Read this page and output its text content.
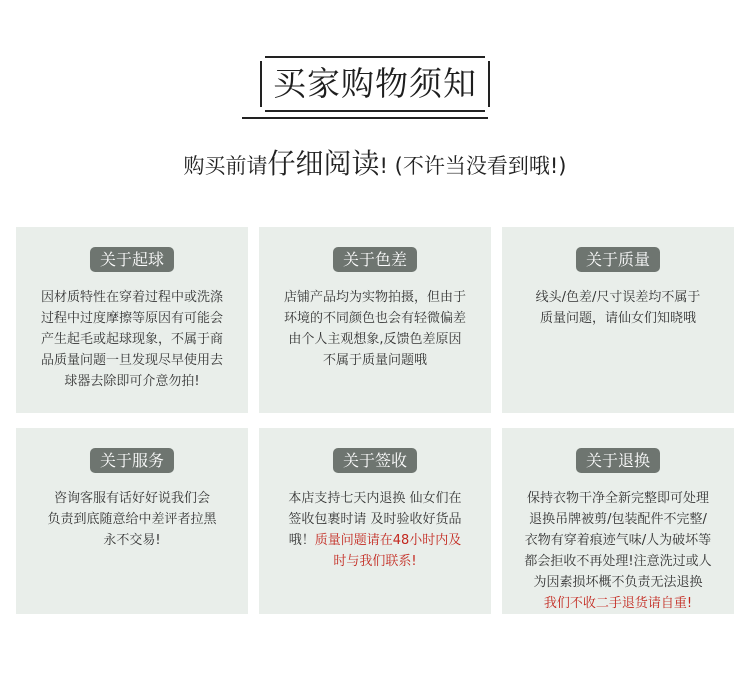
买家购物须知
购买前请仔细阅读! (不许当没看到哦!)
关于起球
因材质特性在穿着过程中或洗涤
过程中过度摩擦等原因有可能会
产生起毛或起球现象，不属于商
品质量问题一旦发现尽早使用去
球器去除即可介意勿拍!
关于色差
店铺产品均为实物拍摄，但由于
环境的不同颜色也会有轻微偏差
由个人主观想象,反馈色差原因
不属于质量问题哦
关于质量
线头/色差/尺寸误差均不属于
质量问题，请仙女们知晓哦
关于服务
咨询客服有话好好说我们会
负责到底随意给中差评者拉黑
永不交易!
关于签收
本店支持七天内退换 仙女们在
签收包裹时请 及时验收好货品
哦！质量问题请在48小时内及
时与我们联系!
关于退换
保持衣物干净全新完整即可处理
退换吊牌被剪/包装配件不完整/
衣物有穿着痕迹气味/人为破坏等
都会拒收不再处理!注意洗过或人
为因素损坏概不负责无法退换
我们不收二手退货请自重!
